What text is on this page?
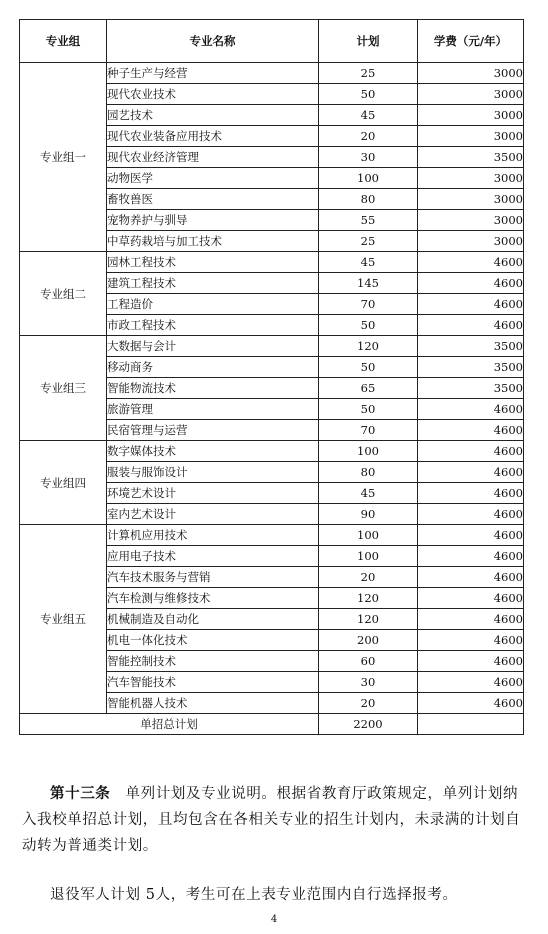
专业组	专业名称	计划	学费（元/年）
专业组一	种子生产与经营	25	3000
	现代农业技术	50	3000
	园艺技术	45	3000
	现代农业装备应用技术	20	3000
	现代农业经济管理	30	3500
	动物医学	100	3000
	畜牧兽医	80	3000
	宠物养护与驯导	55	3000
	中草药栽培与加工技术	25	3000
专业组二	园林工程技术	45	4600
	建筑工程技术	145	4600
	工程造价	70	4600
	市政工程技术	50	4600
专业组三	大数据与会计	120	3500
	移动商务	50	3500
	智能物流技术	65	3500
	旅游管理	50	4600
	民宿管理与运营	70	4600
专业组四	数字媒体技术	100	4600
	服装与服饰设计	80	4600
	环境艺术设计	45	4600
	室内艺术设计	90	4600
专业组五	计算机应用技术	100	4600
	应用电子技术	100	4600
	汽车技术服务与营销	20	4600
	汽车检测与维修技术	120	4600
	机械制造及自动化	120	4600
	机电一体化技术	200	4600
	智能控制技术	60	4600
	汽车智能技术	30	4600
	智能机器人技术	20	4600
单招总计划		2200	
第十三条　 单列计划及专业说明。根据省教育厅政策规定，单列计划纳入我校单招总计划，且均包含在各相关专业的招生计划内，未录满的计划自动转为普通类计划。
退役军人计划 5人，考生可在上表专业范围内自行选择报考。
4
